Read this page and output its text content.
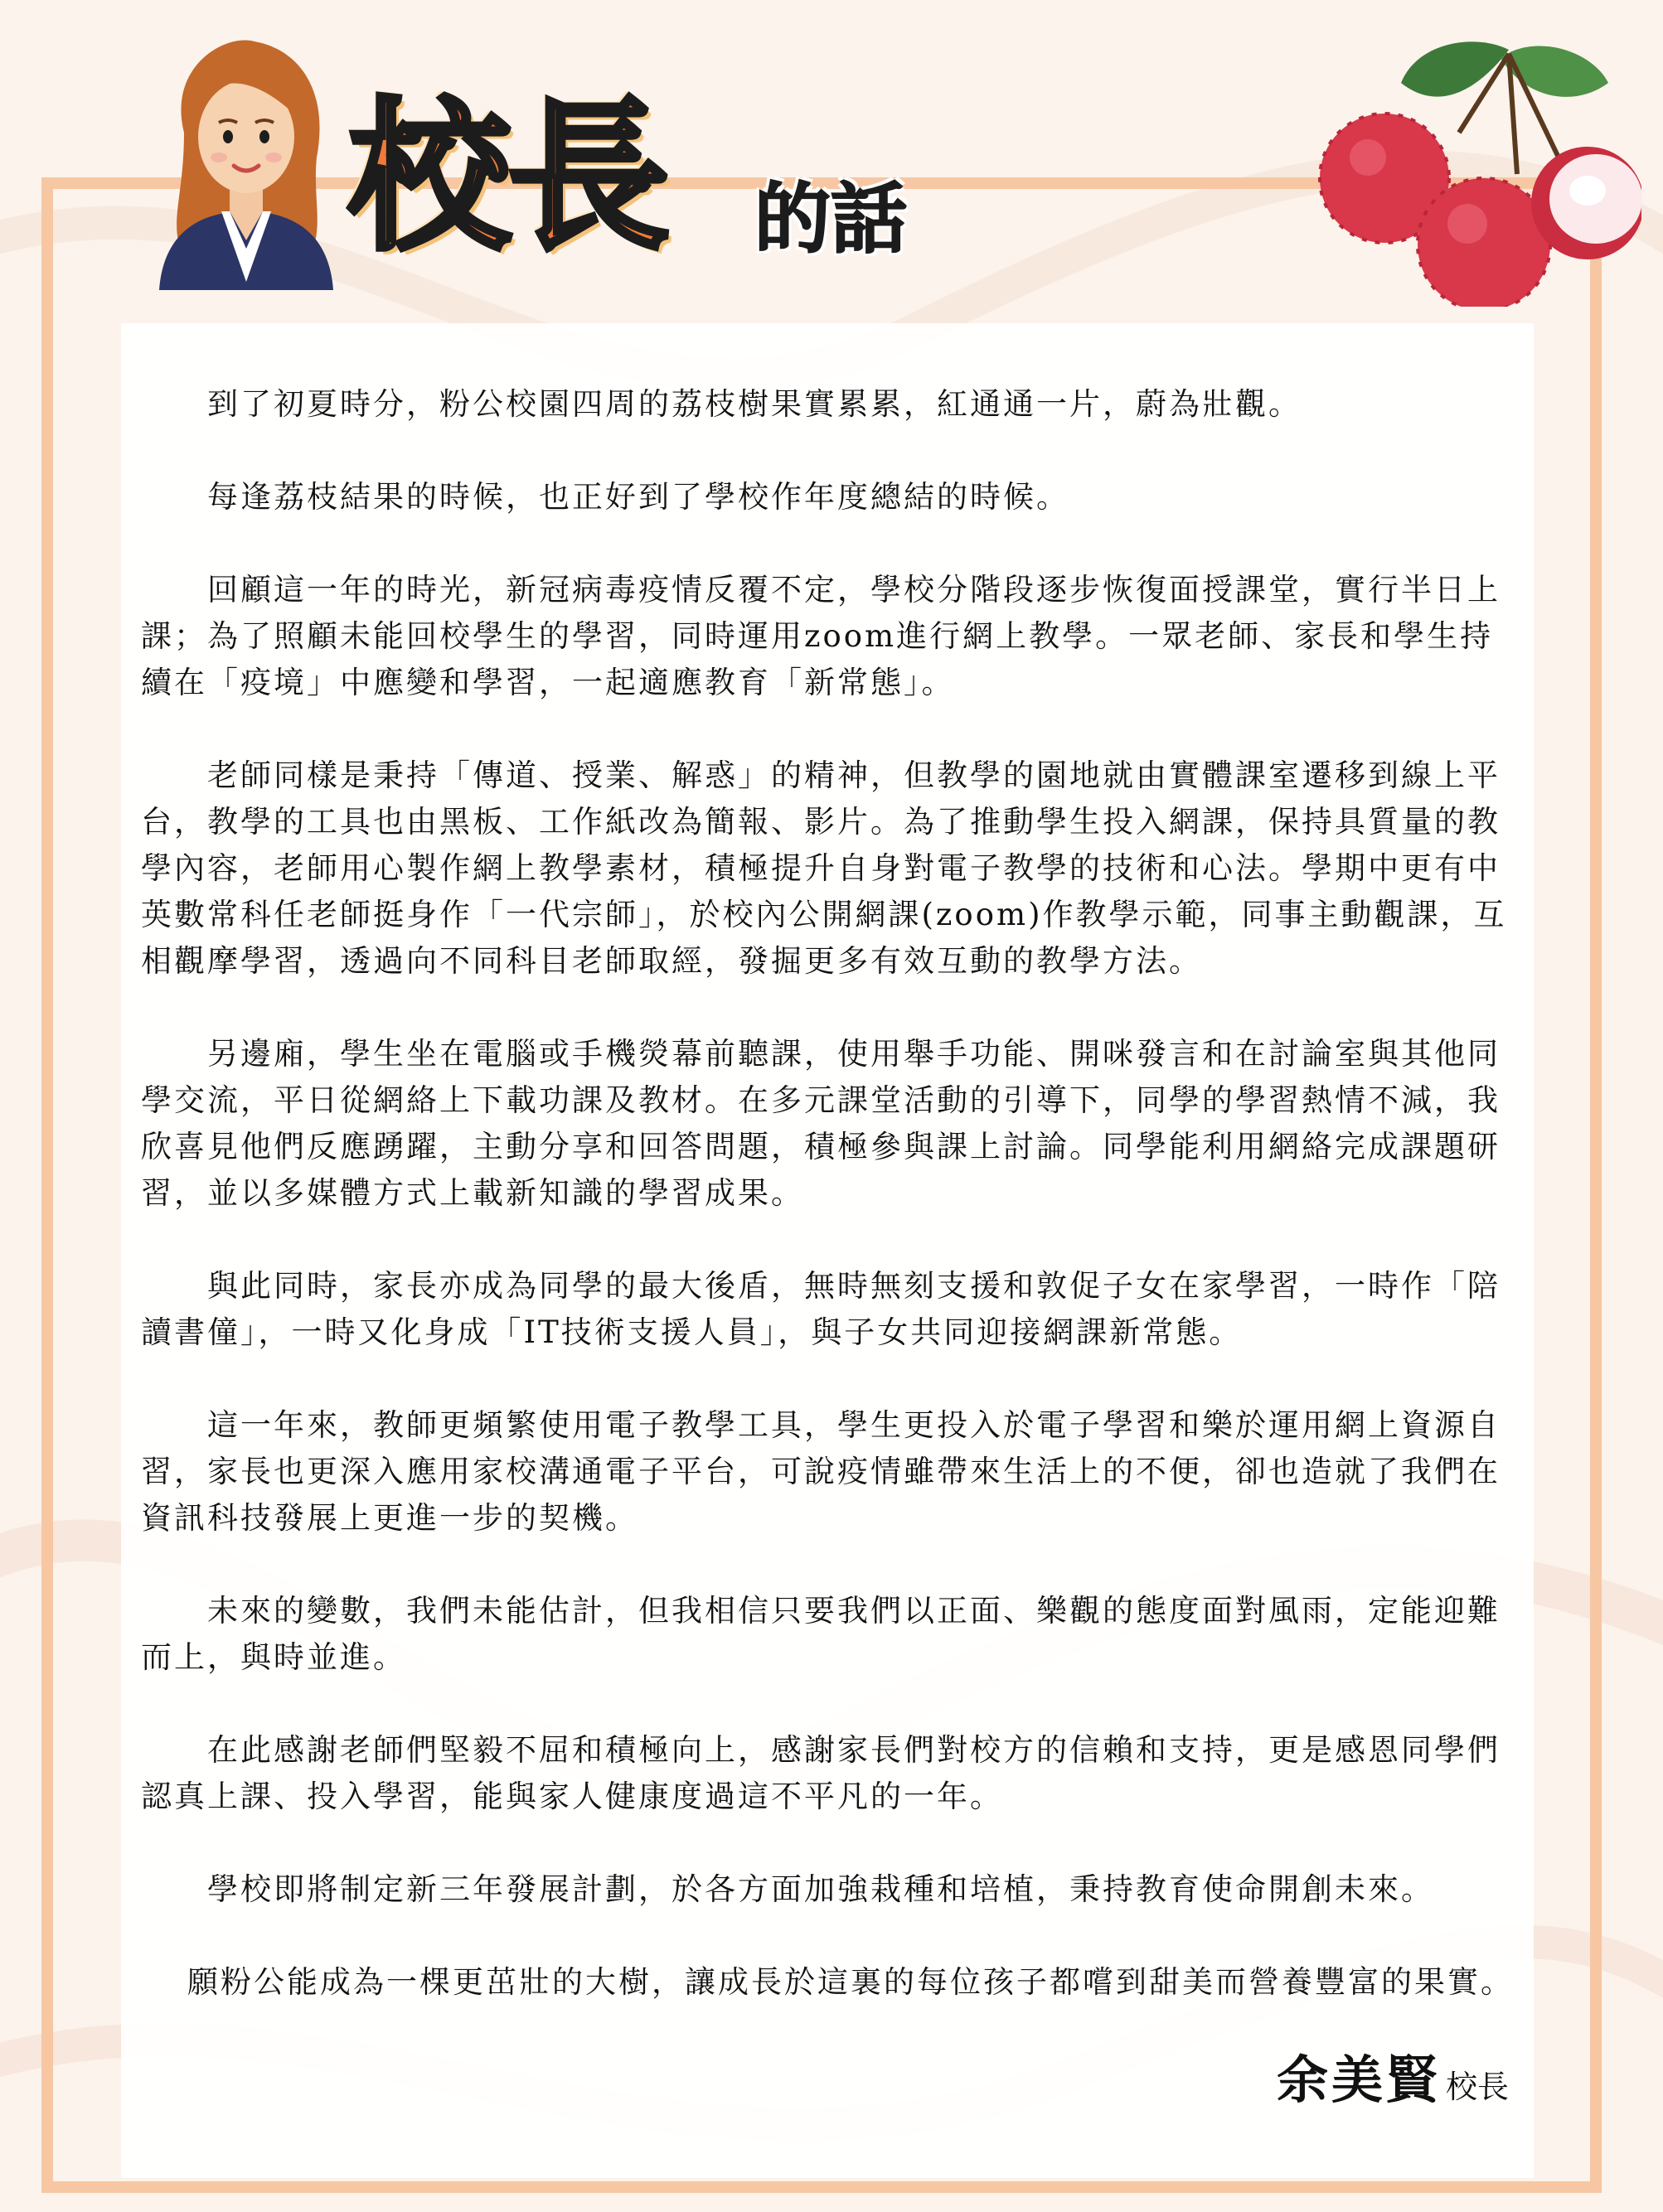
校長 的話

到了初夏時分，粉公校園四周的荔枝樹果實累累，紅通通一片，蔚為壯觀。

每逢荔枝結果的時候，也正好到了學校作年度總結的時候。

回顧這一年的時光，新冠病毒疫情反覆不定，學校分階段逐步恢復面授課堂，實行半日上課；為了照顧未能回校學生的學習，同時運用zoom進行網上教學。一眾老師、家長和學生持續在「疫境」中應變和學習，一起適應教育「新常態」。

老師同樣是秉持「傳道、授業、解惑」的精神，但教學的園地就由實體課室遷移到線上平台，教學的工具也由黑板、工作紙改為簡報、影片。為了推動學生投入網課，保持具質量的教學內容，老師用心製作網上教學素材，積極提升自身對電子教學的技術和心法。學期中更有中英數常科任老師挺身作「一代宗師」，於校內公開網課(zoom)作教學示範，同事主動觀課，互相觀摩學習，透過向不同科目老師取經，發掘更多有效互動的教學方法。

另邊廂，學生坐在電腦或手機熒幕前聽課，使用舉手功能、開咪發言和在討論室與其他同學交流，平日從網絡上下載功課及教材。在多元課堂活動的引導下，同學的學習熱情不減，我欣喜見他們反應踴躍，主動分享和回答問題，積極參與課上討論。同學能利用網絡完成課題研習，並以多媒體方式上載新知識的學習成果。

與此同時，家長亦成為同學的最大後盾，無時無刻支援和敦促子女在家學習，一時作「陪讀書僮」，一時又化身成「IT技術支援人員」，與子女共同迎接網課新常態。

這一年來，教師更頻繁使用電子教學工具，學生更投入於電子學習和樂於運用網上資源自習，家長也更深入應用家校溝通電子平台，可說疫情雖帶來生活上的不便，卻也造就了我們在資訊科技發展上更進一步的契機。

未來的變數，我們未能估計，但我相信只要我們以正面、樂觀的態度面對風雨，定能迎難而上，與時並進。

在此感謝老師們堅毅不屈和積極向上，感謝家長們對校方的信賴和支持，更是感恩同學們認真上課、投入學習，能與家人健康度過這不平凡的一年。

學校即將制定新三年發展計劃，於各方面加強栽種和培植，秉持教育使命開創未來。

願粉公能成為一棵更茁壯的大樹，讓成長於這裏的每位孩子都嚐到甜美而營養豐富的果實。

余美賢 校長
